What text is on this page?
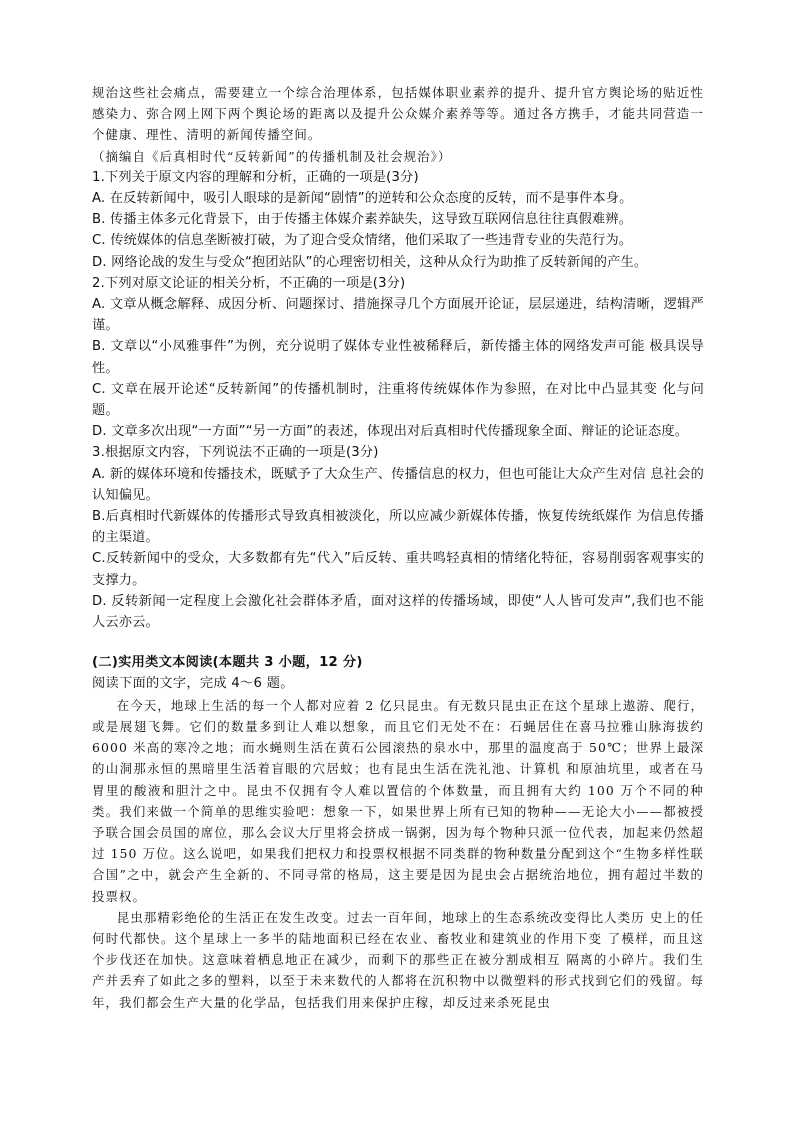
规治这些社会痛点，需要建立一个综合治理体系，包括媒体职业素养的提升、提升官方舆论场的贴近性感染力、弥合网上网下两个舆论场的距离以及提升公众媒介素养等等。通过各方携手，才能共同营造一个健康、理性、清明的新闻传播空间。

（摘编自《后真相时代“反转新闻”的传播机制及社会规治》）

1.下列关于原文内容的理解和分析，正确的一项是(3分)

A. 在反转新闻中，吸引人眼球的是新闻“剧情”的逆转和公众态度的反转，而不是事件本身。

B. 传播主体多元化背景下，由于传播主体媒介素养缺失，这导致互联网信息往往真假难辨。

C. 传统媒体的信息垄断被打破，为了迎合受众情绪，他们采取了一些违背专业的失范行为。

D. 网络论战的发生与受众“抱团站队”的心理密切相关，这种从众行为助推了反转新闻的产生。

2.下列对原文论证的相关分析，不正确的一项是(3分)

A. 文章从概念解释、成因分析、问题探讨、措施探寻几个方面展开论证，层层递进，结构清晰，逻辑严谨。

B. 文章以“小凤雅事件”为例，充分说明了媒体专业性被稀释后，新传播主体的网络发声可能 极具误导性。

C. 文章在展开论述“反转新闻”的传播机制时，注重将传统媒体作为参照，在对比中凸显其变 化与问题。

D. 文章多次出现“一方面”“另一方面”的表述，体现出对后真相时代传播现象全面、辩证的论证态度。

3.根据原文内容，下列说法不正确的一项是(3分)

A. 新的媒体环境和传播技术，既赋予了大众生产、传播信息的权力，但也可能让大众产生对信 息社会的认知偏见。

B.后真相时代新媒体的传播形式导致真相被淡化，所以应减少新媒体传播，恢复传统纸媒作 为信息传播的主渠道。

C.反转新闻中的受众，大多数都有先“代入”后反转、重共鸣轻真相的情绪化特征，容易削弱客观事实的支撑力。

D. 反转新闻一定程度上会激化社会群体矛盾，面对这样的传播场域，即使“人人皆可发声”,我们也不能人云亦云。

(二)实用类文本阅读(本题共 3 小题，12 分)

阅读下面的文字，完成 4～6 题。

在今天，地球上生活的每一个人都对应着 2 亿只昆虫。有无数只昆虫正在这个星球上遨游、爬行，或是展翅飞舞。它们的数量多到让人难以想象，而且它们无处不在：石蝇居住在喜马拉雅山脉海拔约 6000 米高的寒冷之地；而水蝇则生活在黄石公园滚热的泉水中，那里的温度高于 50℃；世界上最深的山洞那永恒的黑暗里生活着盲眼的穴居蚊；也有昆虫生活在洗礼池、计算机 和原油坑里，或者在马胃里的酸液和胆汁之中。昆虫不仅拥有令人难以置信的个体数量，而且拥有大约 100 万个不同的种类。我们来做一个简单的思维实验吧：想象一下，如果世界上所有已知的物种——无论大小——都被授予联合国会员国的席位，那么会议大厅里将会挤成一锅粥，因为每个物种只派一位代表，加起来仍然超过 150 万位。这么说吧，如果我们把权力和投票权根据不同类群的物种数量分配到这个“生物多样性联合国”之中，就会产生全新的、不同寻常的格局，这主要是因为昆虫会占据统治地位，拥有超过半数的投票权。

昆虫那精彩绝伦的生活正在发生改变。过去一百年间，地球上的生态系统改变得比人类历 史上的任何时代都快。这个星球上一多半的陆地面积已经在农业、畜牧业和建筑业的作用下变 了模样，而且这个步伐还在加快。这意味着栖息地正在减少，而剩下的那些正在被分割成相互 隔离的小碎片。我们生产并丢弃了如此之多的塑料，以至于未来数代的人都将在沉积物中以微塑料的形式找到它们的残留。每年，我们都会生产大量的化学品，包括我们用来保护庄稼，却反过来杀死昆虫
